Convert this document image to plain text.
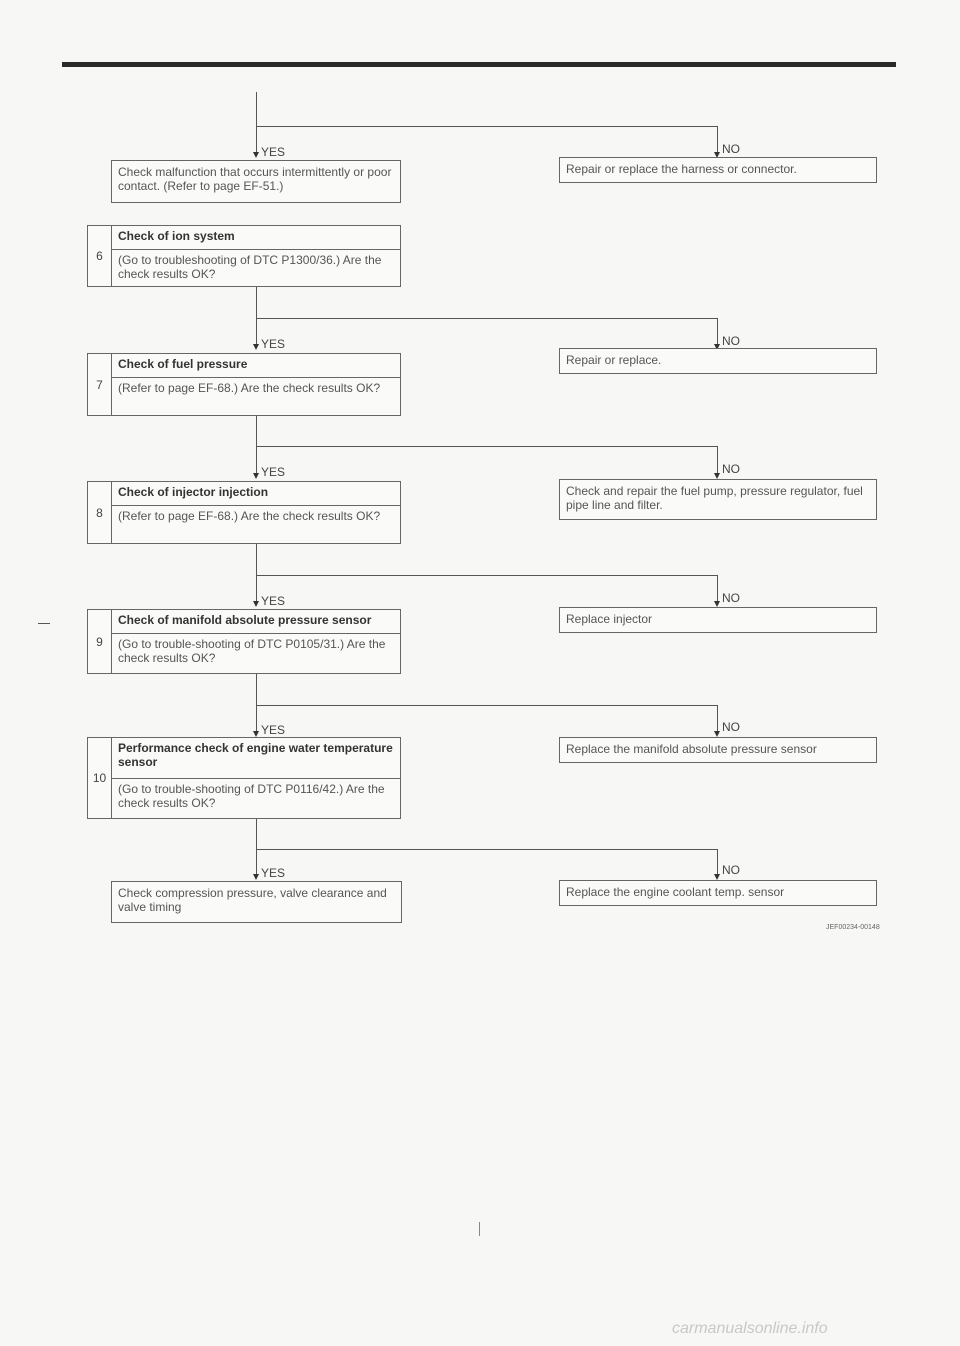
YES	NO
Check malfunction that occurs intermittently or poor contact. (Refer to page EF-51.)
Repair or replace the harness or connector.
6
Check of ion system
(Go to troubleshooting of DTC P1300/36.) Are the check results OK?
YES	NO
Repair or replace.
7
Check of fuel pressure
(Refer to page EF-68.) Are the check results OK?
YES	NO
Check and repair the fuel pump, pressure regulator, fuel pipe line and filter.
8
Check of injector injection
(Refer to page EF-68.) Are the check results OK?
YES	NO
Replace injector
9
Check of manifold absolute pressure sensor
(Go to trouble-shooting of DTC P0105/31.) Are the check results OK?
YES	NO
Replace the manifold absolute pressure sensor
10
Performance check of engine water temperature sensor
(Go to trouble-shooting of DTC P0116/42.) Are the check results OK?
YES	NO
Replace the engine coolant temp. sensor
Check compression pressure, valve clearance and valve timing
JEF00234-00148
carmanualsonline.info
